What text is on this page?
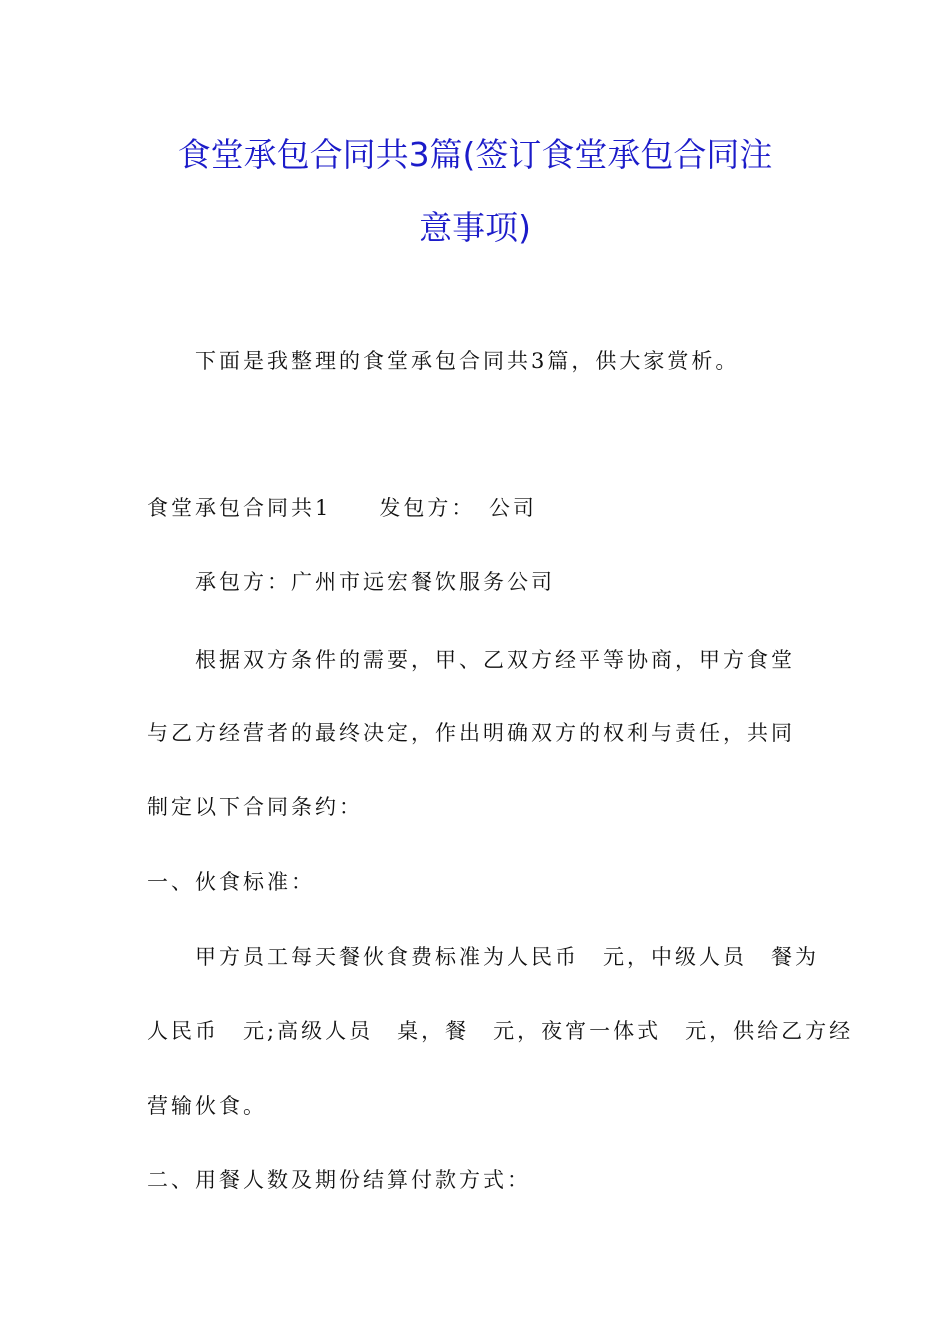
食堂承包合同共3篇(签订食堂承包合同注
意事项)

下面是我整理的食堂承包合同共3篇，供大家赏析。

食堂承包合同共1　　发包方：　公司

承包方：广州市远宏餐饮服务公司

根据双方条件的需要，甲、乙双方经平等协商，甲方食堂

与乙方经营者的最终决定，作出明确双方的权利与责任，共同

制定以下合同条约：

一、伙食标准：

甲方员工每天餐伙食费标准为人民币　元，中级人员　餐为

人民币　元;高级人员　桌，餐　元，夜宵一体式　元，供给乙方经

营输伙食。

二、用餐人数及期份结算付款方式：
